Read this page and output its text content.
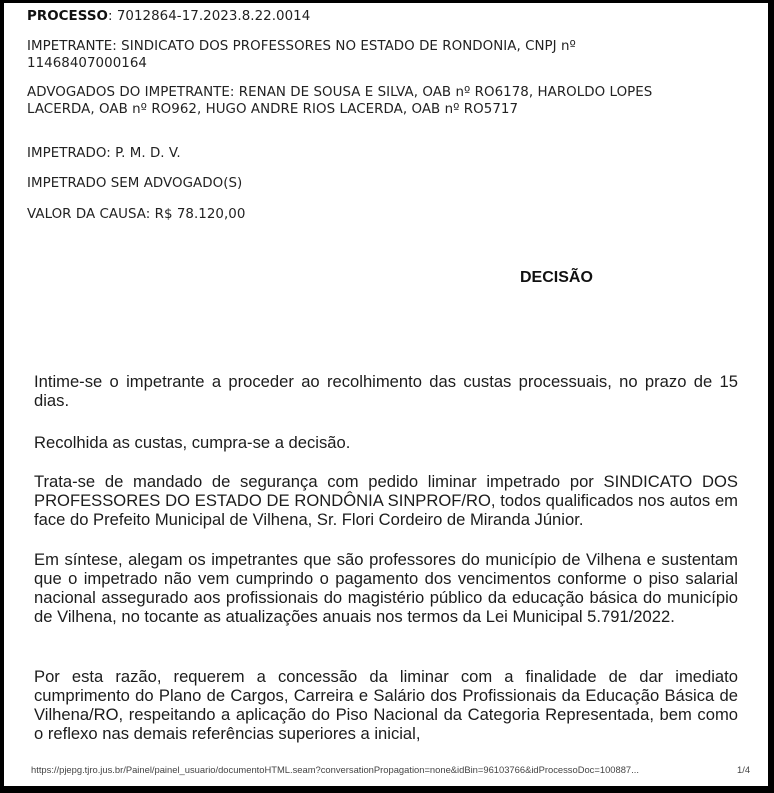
PROCESSO: 7012864-17.2023.8.22.0014
IMPETRANTE: SINDICATO DOS PROFESSORES NO ESTADO DE RONDONIA, CNPJ nº
11468407000164
ADVOGADOS DO IMPETRANTE: RENAN DE SOUSA E SILVA, OAB nº RO6178, HAROLDO LOPES
LACERDA, OAB nº RO962, HUGO ANDRE RIOS LACERDA, OAB nº RO5717
IMPETRADO: P. M. D. V.
IMPETRADO SEM ADVOGADO(S)
VALOR DA CAUSA: R$ 78.120,00
DECISÃO
Intime-se o impetrante a proceder ao recolhimento das custas processuais, no prazo de 15 dias.
Recolhida as custas, cumpra-se a decisão.
Trata-se de mandado de segurança com pedido liminar impetrado por SINDICATO DOS PROFESSORES DO ESTADO DE RONDÔNIA SINPROF/RO, todos qualificados nos autos em face do Prefeito Municipal de Vilhena, Sr. Flori Cordeiro de Miranda Júnior.
Em síntese, alegam os impetrantes que são professores do município de Vilhena e sustentam que o impetrado não vem cumprindo o pagamento dos vencimentos conforme o piso salarial nacional assegurado aos profissionais do magistério público da educação básica do município de Vilhena, no tocante as atualizações anuais nos termos da Lei Municipal 5.791/2022.
Por esta razão, requerem a concessão da liminar com a finalidade de dar imediato cumprimento do Plano de Cargos, Carreira e Salário dos Profissionais da Educação Básica de Vilhena/RO, respeitando a aplicação do Piso Nacional da Categoria Representada, bem como o reflexo nas demais referências superiores a inicial,
https://pjepg.tjro.jus.br/Painel/painel_usuario/documentoHTML.seam?conversationPropagation=none&idBin=96103766&idProcessoDoc=100887...	1/4
